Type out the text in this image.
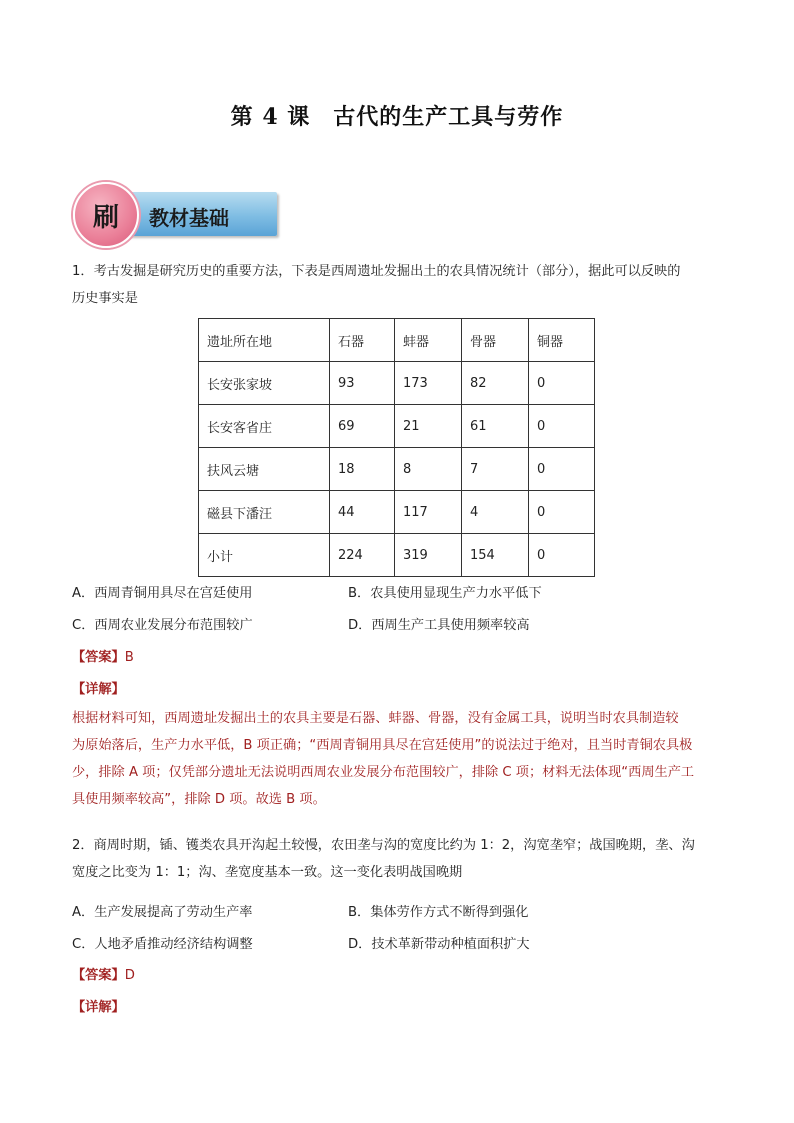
第 4 课　古代的生产工具与劳作
刷	教材基础
1．考古发掘是研究历史的重要方法，下表是西周遗址发掘出土的农具情况统计（部分），据此可以反映的
历史事实是
遗址所在地	石器	蚌器	骨器	铜器
长安张家坡	93	173	82	0
长安客省庄	69	21	61	0
扶风云塘	18	8	7	0
磁县下潘汪	44	117	4	0
小计	224	319	154	0
A．西周青铜用具尽在宫廷使用	B．农具使用显现生产力水平低下
C．西周农业发展分布范围较广	D．西周生产工具使用频率较高
【答案】B
【详解】
根据材料可知，西周遗址发掘出土的农具主要是石器、蚌器、骨器，没有金属工具，说明当时农具制造较
为原始落后，生产力水平低，B 项正确；“西周青铜用具尽在宫廷使用”的说法过于绝对，且当时青铜农具极
少，排除 A 项；仅凭部分遗址无法说明西周农业发展分布范围较广，排除 C 项；材料无法体现“西周生产工
具使用频率较高”，排除 D 项。故选 B 项。
2．商周时期，锸、镬类农具开沟起土较慢，农田垄与沟的宽度比约为 1：2，沟宽垄窄；战国晚期，垄、沟
宽度之比变为 1：1；沟、垄宽度基本一致。这一变化表明战国晚期
A．生产发展提高了劳动生产率	B．集体劳作方式不断得到强化
C．人地矛盾推动经济结构调整	D．技术革新带动种植面积扩大
【答案】D
【详解】
